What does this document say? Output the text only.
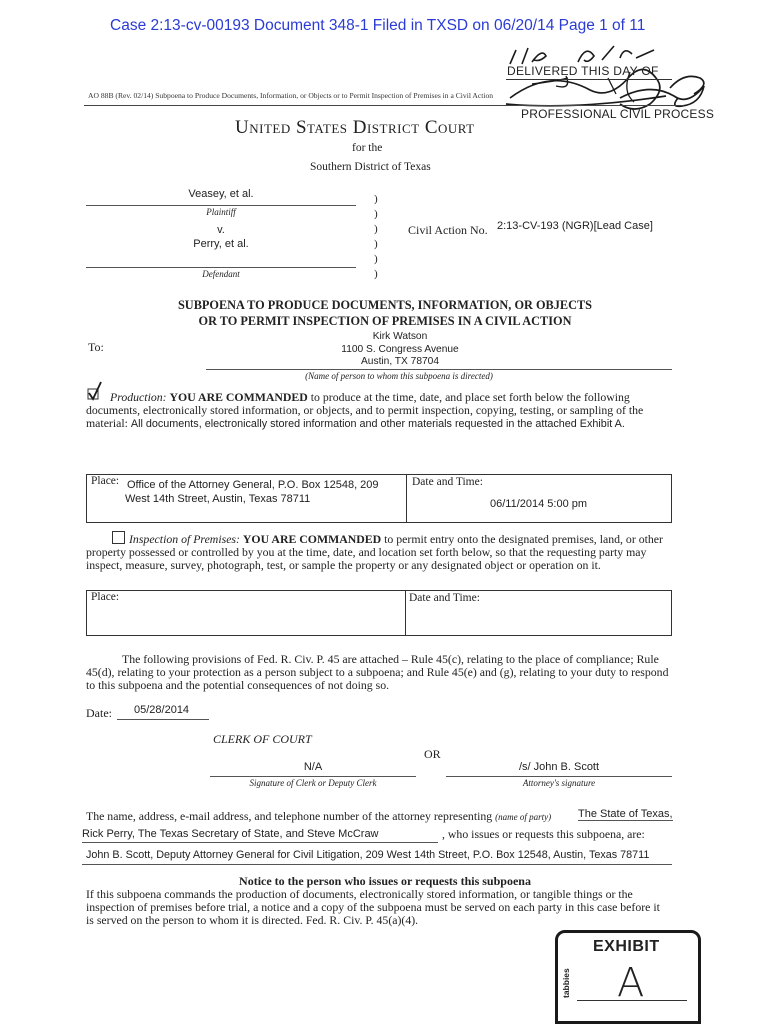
Case 2:13-cv-00193 Document 348-1 Filed in TXSD on 06/20/14 Page 1 of 11
DELIVERED THIS DAY OF
AO 88B (Rev. 02/14) Subpoena to Produce Documents, Information, or Objects or to Permit Inspection of Premises in a Civil Action
PROFESSIONAL CIVIL PROCESS
United States District Court
for the
Southern District of Texas
Veasey, et al.
Plaintiff
v.
Perry, et al.
Defendant
)
)
)
)
)
)
Civil Action No. 2:13-CV-193 (NGR)[Lead Case]
SUBPOENA TO PRODUCE DOCUMENTS, INFORMATION, OR OBJECTS
OR TO PERMIT INSPECTION OF PREMISES IN A CIVIL ACTION
To:
Kirk Watson
1100 S. Congress Avenue
Austin, TX 78704
(Name of person to whom this subpoena is directed)
Production: YOU ARE COMMANDED to produce at the time, date, and place set forth below the following documents, electronically stored information, or objects, and to permit inspection, copying, testing, or sampling of the material: All documents, electronically stored information and other materials requested in the attached Exhibit A.
Place: Office of the Attorney General, P.O. Box 12548, 209 West 14th Street, Austin, Texas 78711
Date and Time:
06/11/2014 5:00 pm
Inspection of Premises: YOU ARE COMMANDED to permit entry onto the designated premises, land, or other property possessed or controlled by you at the time, date, and location set forth below, so that the requesting party may inspect, measure, survey, photograph, test, or sample the property or any designated object or operation on it.
Place:	Date and Time:
The following provisions of Fed. R. Civ. P. 45 are attached – Rule 45(c), relating to the place of compliance; Rule 45(d), relating to your protection as a person subject to a subpoena; and Rule 45(e) and (g), relating to your duty to respond to this subpoena and the potential consequences of not doing so.
Date: 05/28/2014
CLERK OF COURT
OR
N/A
Signature of Clerk or Deputy Clerk
/s/ John B. Scott
Attorney's signature
The name, address, e-mail address, and telephone number of the attorney representing (name of party) The State of Texas,
Rick Perry, The Texas Secretary of State, and Steve McCraw	, who issues or requests this subpoena, are:
John B. Scott, Deputy Attorney General for Civil Litigation, 209 West 14th Street, P.O. Box 12548, Austin, Texas 78711
Notice to the person who issues or requests this subpoena
If this subpoena commands the production of documents, electronically stored information, or tangible things or the inspection of premises before trial, a notice and a copy of the subpoena must be served on each party in this case before it is served on the person to whom it is directed. Fed. R. Civ. P. 45(a)(4).
EXHIBIT
tabbies A
